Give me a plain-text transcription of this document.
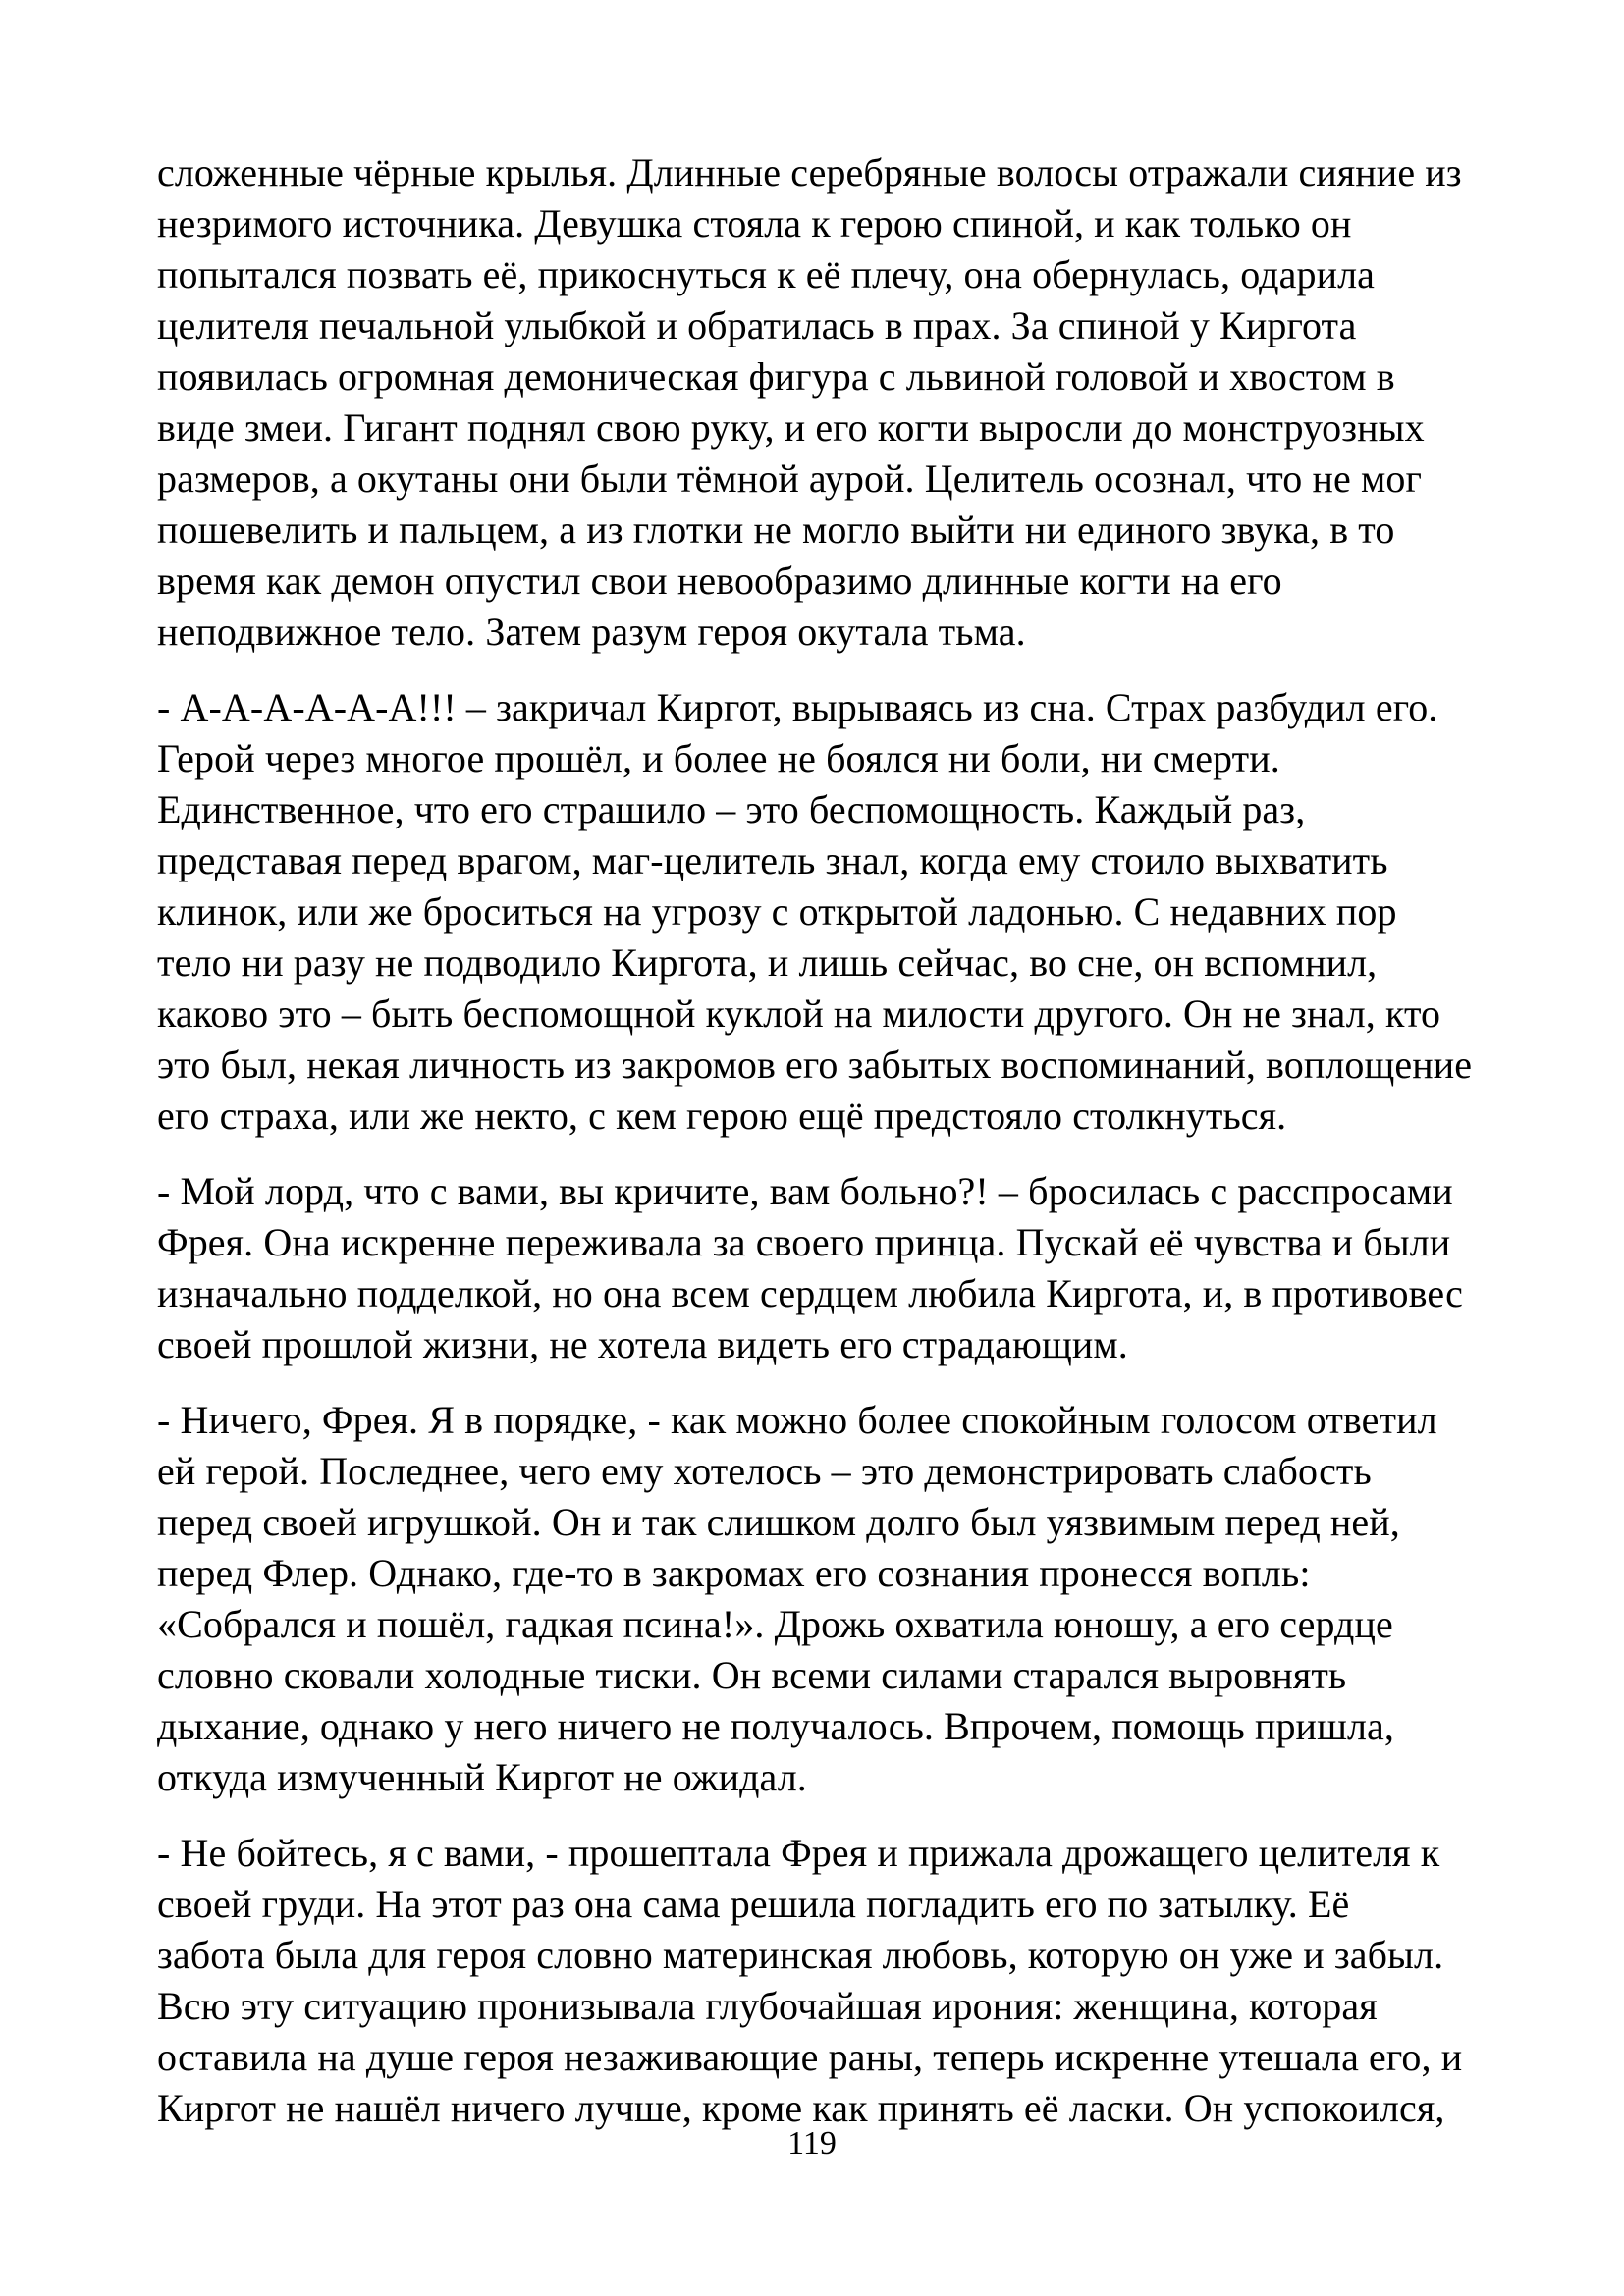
сложенные чёрные крылья. Длинные серебряные волосы отражали сияние из
незримого источника. Девушка стояла к герою спиной, и как только он
попытался позвать её, прикоснуться к её плечу, она обернулась, одарила
целителя печальной улыбкой и обратилась в прах. За спиной у Киргота
появилась огромная демоническая фигура с львиной головой и хвостом в
виде змеи. Гигант поднял свою руку, и его когти выросли до монструозных
размеров, а окутаны они были тёмной аурой. Целитель осознал, что не мог
пошевелить и пальцем, а из глотки не могло выйти ни единого звука, в то
время как демон опустил свои невообразимо длинные когти на его
неподвижное тело. Затем разум героя окутала тьма.
- А-А-А-А-А-А!!! – закричал Киргот, вырываясь из сна. Страх разбудил его.
Герой через многое прошёл, и более не боялся ни боли, ни смерти.
Единственное, что его страшило – это беспомощность. Каждый раз,
представая перед врагом, маг-целитель знал, когда ему стоило выхватить
клинок, или же броситься на угрозу с открытой ладонью. С недавних пор
тело ни разу не подводило Киргота, и лишь сейчас, во сне, он вспомнил,
каково это – быть беспомощной куклой на милости другого. Он не знал, кто
это был, некая личность из закромов его забытых воспоминаний, воплощение
его страха, или же некто, с кем герою ещё предстояло столкнуться.
- Мой лорд, что с вами, вы кричите, вам больно?! – бросилась с расспросами
Фрея. Она искренне переживала за своего принца. Пускай её чувства и были
изначально подделкой, но она всем сердцем любила Киргота, и, в противовес
своей прошлой жизни, не хотела видеть его страдающим.
- Ничего, Фрея. Я в порядке, - как можно более спокойным голосом ответил
ей герой. Последнее, чего ему хотелось – это демонстрировать слабость
перед своей игрушкой. Он и так слишком долго был уязвимым перед ней,
перед Флер. Однако, где-то в закромах его сознания пронесся вопль:
«Собрался и пошёл, гадкая псина!». Дрожь охватила юношу, а его сердце
словно сковали холодные тиски. Он всеми силами старался выровнять
дыхание, однако у него ничего не получалось. Впрочем, помощь пришла,
откуда измученный Киргот не ожидал.
- Не бойтесь, я с вами, - прошептала Фрея и прижала дрожащего целителя к
своей груди. На этот раз она сама решила погладить его по затылку. Её
забота была для героя словно материнская любовь, которую он уже и забыл.
Всю эту ситуацию пронизывала глубочайшая ирония: женщина, которая
оставила на душе героя незаживающие раны, теперь искренне утешала его, и
Киргот не нашёл ничего лучше, кроме как принять её ласки. Он успокоился,
119
